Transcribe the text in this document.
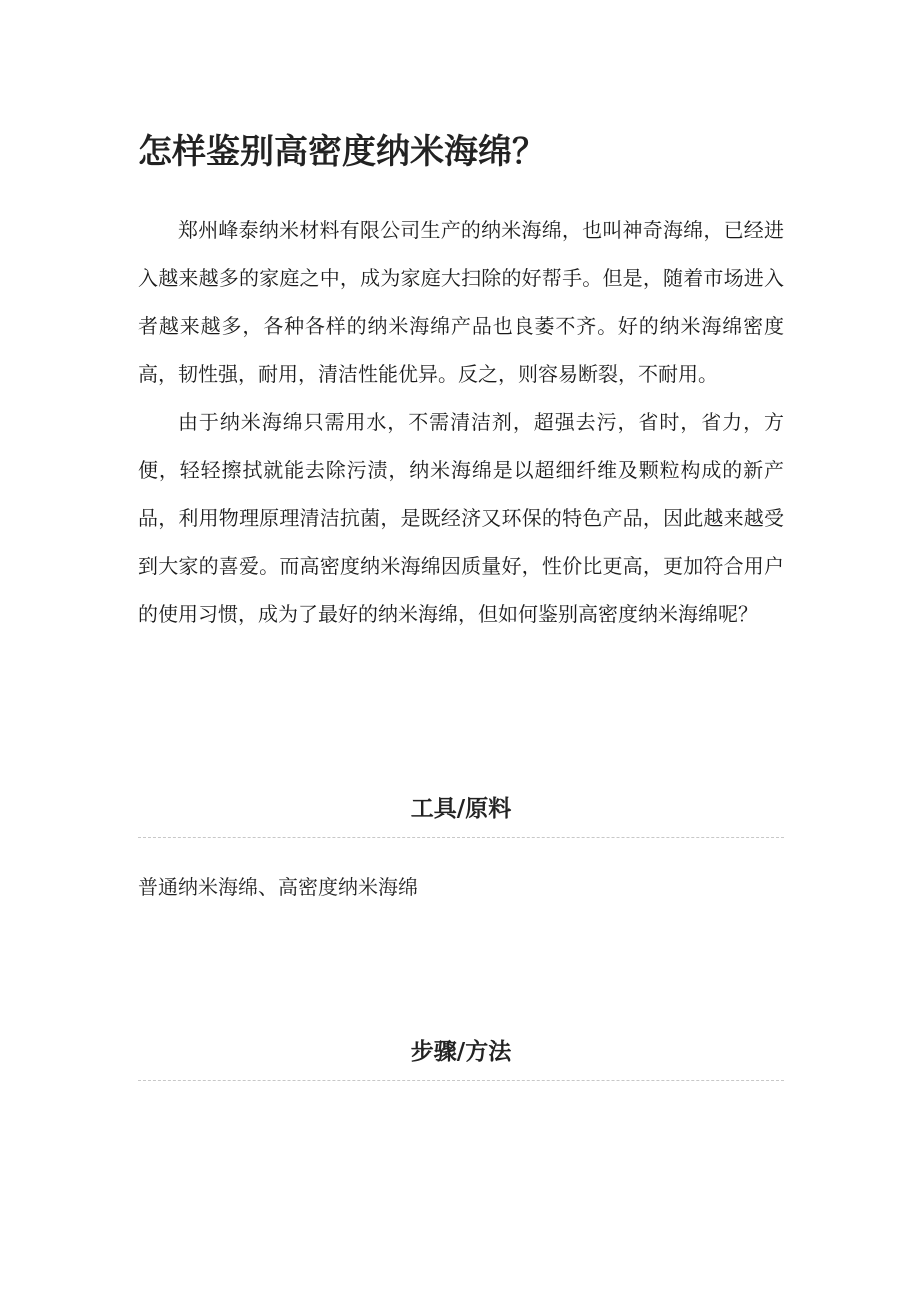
怎样鉴别高密度纳米海绵？

郑州峰泰纳米材料有限公司生产的纳米海绵，也叫神奇海绵，已经进入越来越多的家庭之中，成为家庭大扫除的好帮手。但是，随着市场进入者越来越多，各种各样的纳米海绵产品也良萎不齐。好的纳米海绵密度高，韧性强，耐用，清洁性能优异。反之，则容易断裂，不耐用。

由于纳米海绵只需用水，不需清洁剂，超强去污，省时，省力，方便，轻轻擦拭就能去除污渍，纳米海绵是以超细纤维及颗粒构成的新产品，利用物理原理清洁抗菌，是既经济又环保的特色产品，因此越来越受到大家的喜爱。而高密度纳米海绵因质量好，性价比更高，更加符合用户的使用习惯，成为了最好的纳米海绵，但如何鉴别高密度纳米海绵呢？

工具/原料
普通纳米海绵、高密度纳米海绵
步骤/方法
